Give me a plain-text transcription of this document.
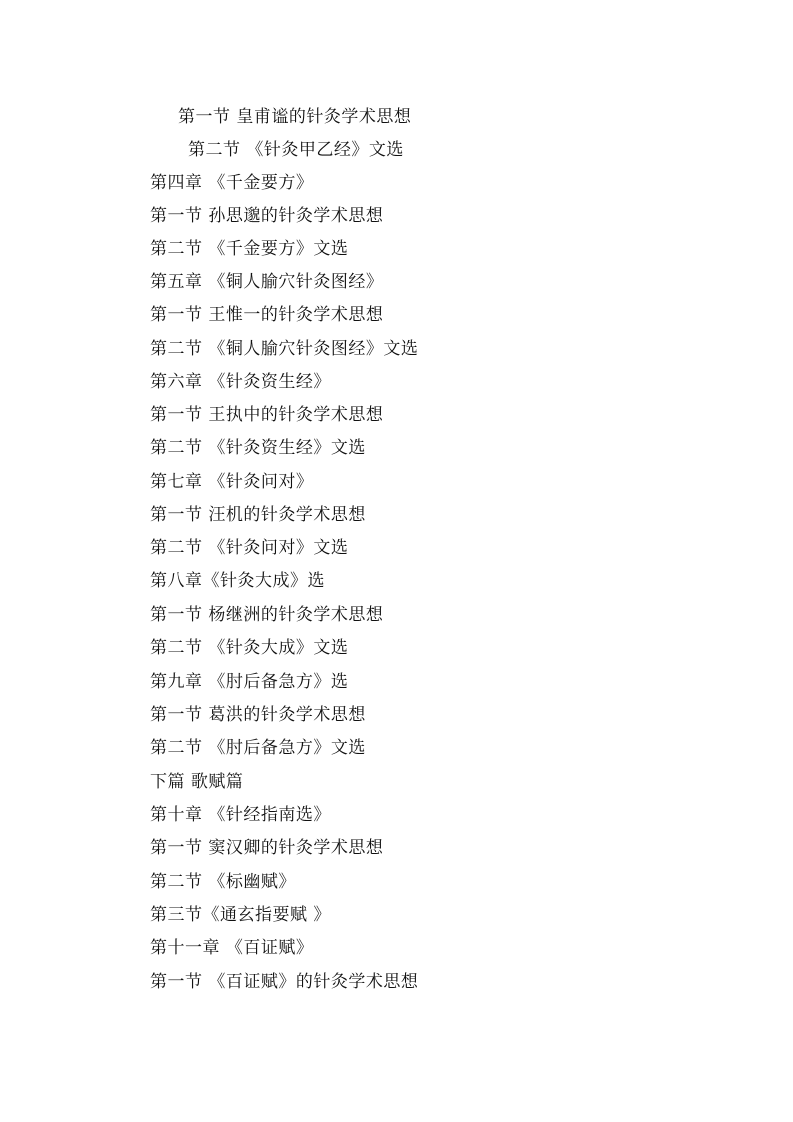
第一节 皇甫谧的针灸学术思想
第二节 《针灸甲乙经》文选
第四章 《千金要方》
第一节 孙思邈的针灸学术思想
第二节 《千金要方》文选
第五章 《铜人腧穴针灸图经》
第一节 王惟一的针灸学术思想
第二节 《铜人腧穴针灸图经》文选
第六章 《针灸资生经》
第一节 王执中的针灸学术思想
第二节 《针灸资生经》文选
第七章 《针灸问对》
第一节 汪机的针灸学术思想
第二节 《针灸问对》文选
第八章《针灸大成》选
第一节 杨继洲的针灸学术思想
第二节 《针灸大成》文选
第九章 《肘后备急方》选
第一节 葛洪的针灸学术思想
第二节 《肘后备急方》文选
下篇 歌赋篇
第十章 《针经指南选》
第一节 窦汉卿的针灸学术思想
第二节 《标幽赋》
第三节《通玄指要赋 》
第十一章 《百证赋》
第一节 《百证赋》的针灸学术思想
